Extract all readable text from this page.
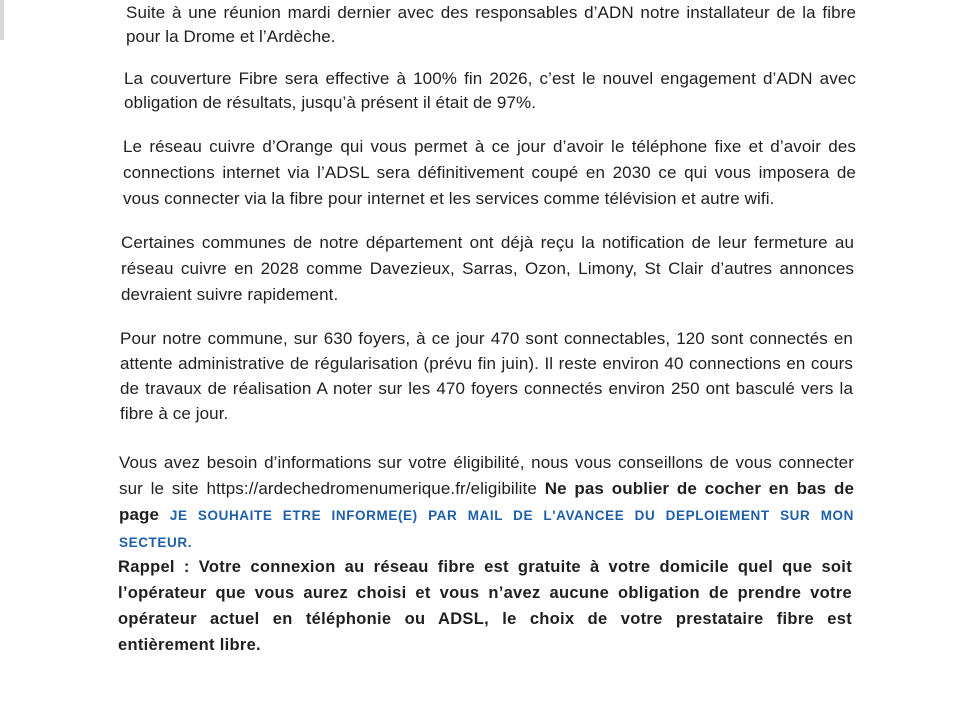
Suite à une réunion mardi dernier avec des responsables d’ADN notre installateur de la fibre pour la Drome et l’Ardèche.

La couverture Fibre sera effective à 100% fin 2026, c’est le nouvel engagement d’ADN avec obligation de résultats, jusqu’à présent il était de 97%.

Le réseau cuivre d’Orange qui vous permet à ce jour d’avoir le téléphone fixe et d’avoir des connections internet via l’ADSL sera définitivement coupé en 2030 ce qui vous imposera de vous connecter via la fibre pour internet et les services comme télévision et autre wifi.

Certaines communes de notre département ont déjà reçu la notification de leur fermeture au réseau cuivre en 2028 comme Davezieux, Sarras, Ozon, Limony, St Clair d’autres annonces devraient suivre rapidement.

Pour notre commune, sur 630 foyers, à ce jour 470 sont connectables, 120 sont connectés en attente administrative de régularisation (prévu fin juin). Il reste environ 40 connections en cours de travaux de réalisation A noter sur les 470 foyers connectés environ 250 ont basculé vers la fibre à ce jour.

Vous avez besoin d’informations sur votre éligibilité, nous vous conseillons de vous connecter sur le site https://ardechedromenumerique.fr/eligibilite Ne pas oublier de cocher en bas de page JE SOUHAITE ETRE INFORME(E) PAR MAIL DE L'AVANCEE DU DEPLOIEMENT SUR MON SECTEUR.

Rappel : Votre connexion au réseau fibre est gratuite à votre domicile quel que soit l’opérateur que vous aurez choisi et vous n’avez aucune obligation de prendre votre opérateur actuel en téléphonie ou ADSL, le choix de votre prestataire fibre est entièrement libre.
